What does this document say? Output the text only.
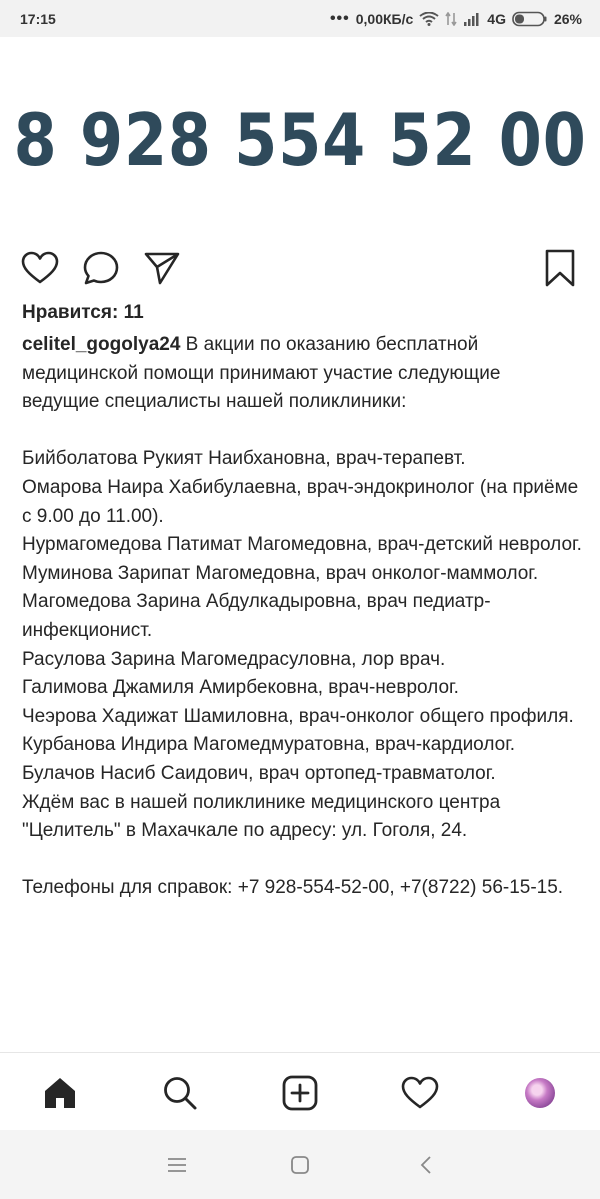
17:15	••• 0,00КБ/с	4G	26%
8 928 554 52 00
Нравится: 11
celitel_gogolya24 В акции по оказанию бесплатной медицинской помощи принимают участие следующие ведущие специалисты нашей поликлиники:

Бийболатова Рукият Наибхановна, врач-терапевт.
Омарова Наира Хабибулаевна, врач-эндокринолог (на приёме с 9.00 до 11.00).
Нурмагомедова Патимат Магомедовна, врач-детский невролог.
Муминова Зарипат Магомедовна, врач онколог-маммолог.
Магомедова Зарина Абдулкадыровна, врач педиатр-инфекционист.
Расулова Зарина Магомедрасуловна, лор врач.
Галимова Джамиля Амирбековна, врач-невролог.
Чеэрова Хадижат Шамиловна, врач-онколог общего профиля.
Курбанова Индира Магомедмуратовна, врач-кардиолог.
Булачов Насиб Саидович, врач ортопед-травматолог.
Ждём вас в нашей поликлинике медицинского центра "Целитель" в Махачкале по адресу: ул. Гоголя, 24.

Телефоны для справок: +7 928-554-52-00, +7(8722) 56-15-15.
